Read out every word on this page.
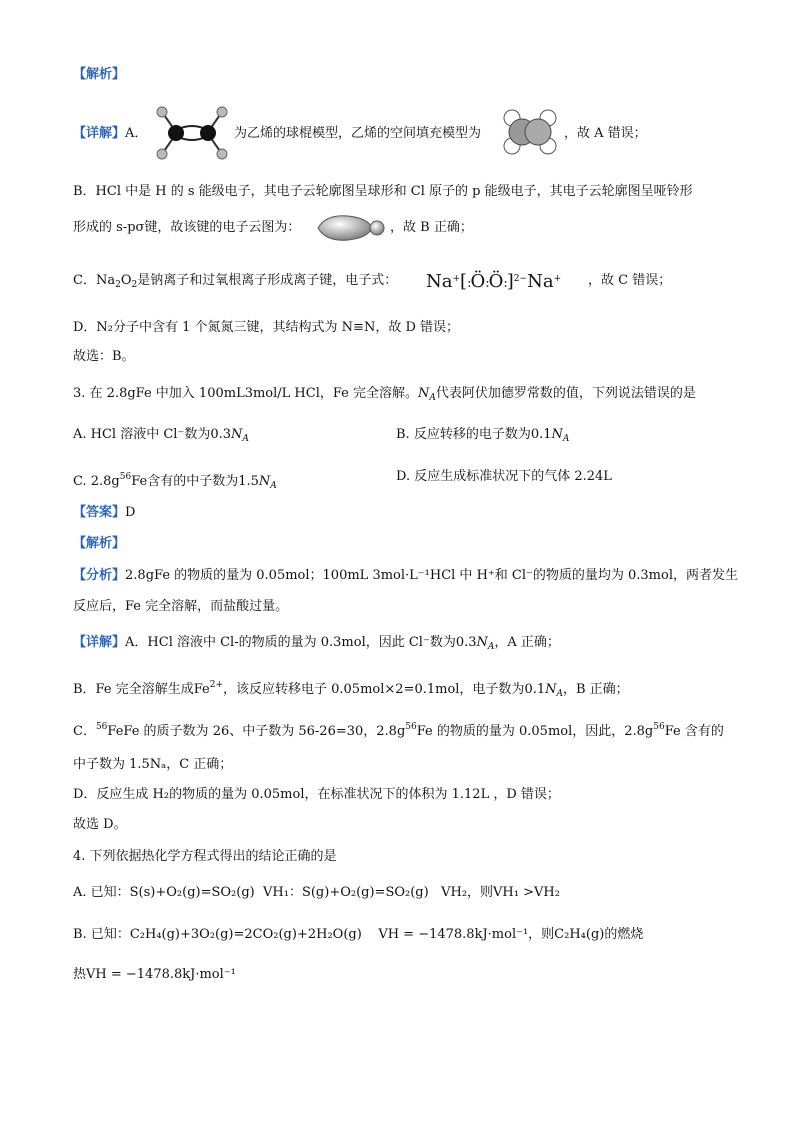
【解析】
【详解】A．	为乙烯的球棍模型，乙烯的空间填充模型为	，故 A 错误；
B．HCl 中是 H 的 s 能级电子，其电子云轮廓图呈球形和 Cl 原子的 p 能级电子，其电子云轮廓图呈哑铃形
形成的 s-pσ键，故该键的电子云图为：	，故 B 正确；
C．$Na_2O_2$是钠离子和过氧根离子形成离子键，电子式： Na+[:Ö:Ö:]$^{2-}$Na+ ，故 C 错误；
D．N₂分子中含有 1 个氮氮三键，其结构式为 N≡N，故 D 错误；
故选：B。
3. 在 2.8gFe 中加入 100mL3mol/L HCl，Fe 完全溶解。$N_A$代表阿伏加德罗常数的值，下列说法错误的是
A. HCl 溶液中 Cl⁻数为$0.3N_A$	B. 反应转移的电子数为$0.1N_A$
C. $2.8g^{56}Fe$含有的中子数为$1.5N_A$
D. 反应生成标准状况下的气体 2.24L
【答案】D
【解析】
【分析】2.8gFe 的物质的量为 0.05mol；100mL 3mol·L⁻¹HCl 中 H⁺和 Cl⁻的物质的量均为 0.3mol，两者发生
反应后，Fe 完全溶解，而盐酸过量。
【详解】A．HCl 溶液中 Cl-的物质的量为 0.3mol，因此 Cl⁻数为$0.3N_A$，A 正确；
B．Fe 完全溶解生成$Fe^{2+}$，该反应转移电子 0.05mol×2=0.1mol，电子数为$0.1N_A$，B 正确；
C．$^{56}$FeFe 的质子数为 26、中子数为 56-26=30，$2.8g^{56}Fe$ 的物质的量为 0.05mol，因此，$2.8g^{56}Fe$ 含有的
中子数为 1.5Nₐ，C 正确；
D．反应生成 H₂的物质的量为 0.05mol，在标准状况下的体积为 1.12L ，D 错误；
故选 D。
4. 下列依据热化学方程式得出的结论正确的是
A. 已知：S(s)+O₂(g)=SO₂(g) VH₁：S(g)+O₂(g)=SO₂(g) VH₂，则VH₁ >VH₂
B. 已知：C₂H₄(g)+3O₂(g)=2CO₂(g)+2H₂O(g) VH = −1478.8kJ·mol⁻¹，则C₂H₄(g)的燃烧
热VH = −1478.8kJ·mol⁻¹
